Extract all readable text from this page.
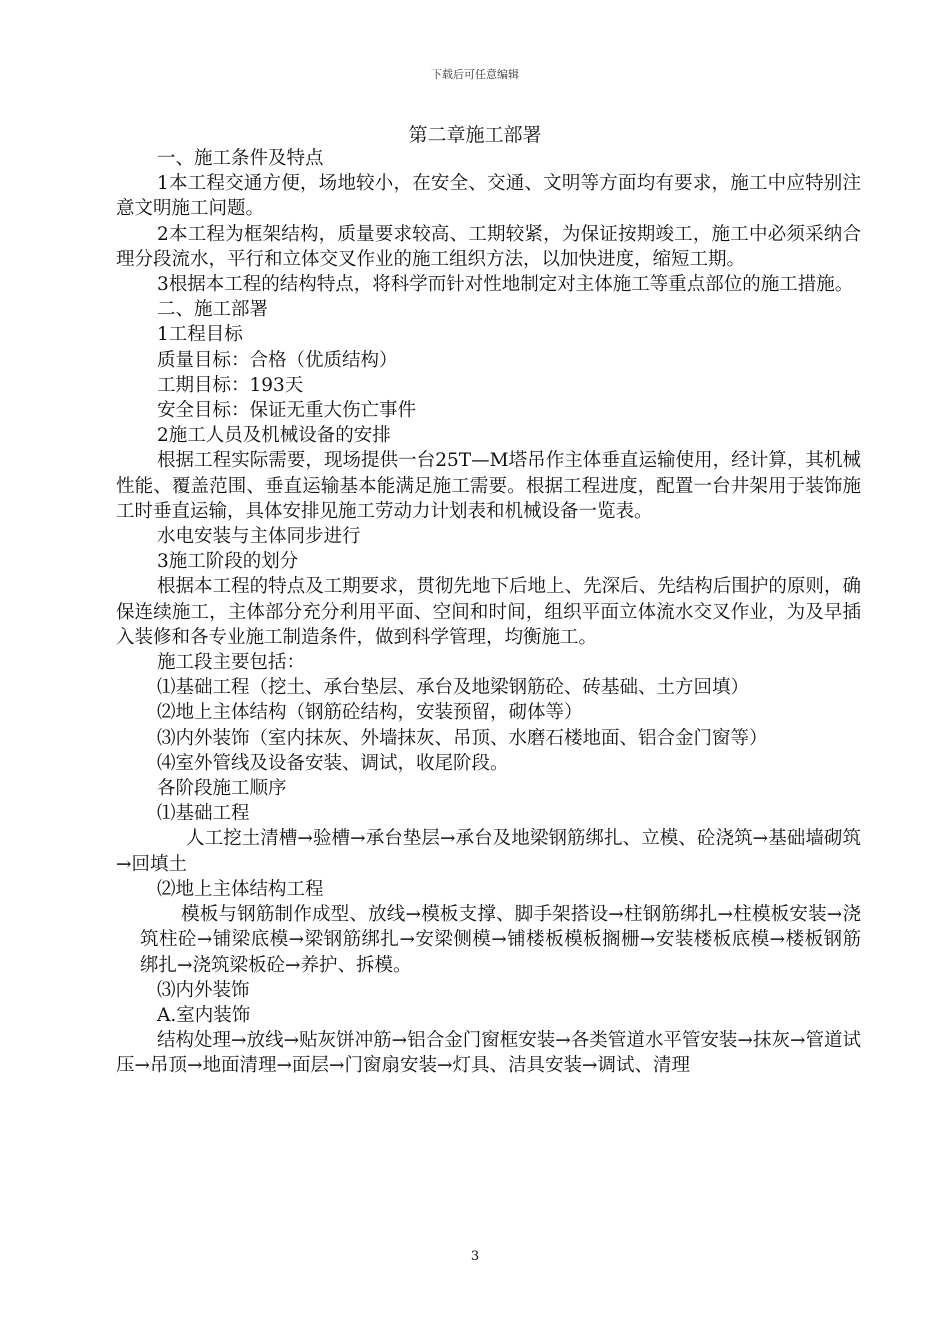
下载后可任意编辑
第二章施工部署

一、施工条件及特点

1本工程交通方便，场地较小，在安全、交通、文明等方面均有要求，施工中应特别注意文明施工问题。

2本工程为框架结构，质量要求较高、工期较紧，为保证按期竣工，施工中必须采纳合理分段流水，平行和立体交叉作业的施工组织方法，以加快进度，缩短工期。

3根据本工程的结构特点，将科学而针对性地制定对主体施工等重点部位的施工措施。

二、施工部署

1工程目标

质量目标：合格（优质结构）

工期目标：193天

安全目标：保证无重大伤亡事件

2施工人员及机械设备的安排

根据工程实际需要，现场提供一台25T—M塔吊作主体垂直运输使用，经计算，其机械性能、覆盖范围、垂直运输基本能满足施工需要。根据工程进度，配置一台井架用于装饰施工时垂直运输，具体安排见施工劳动力计划表和机械设备一览表。

水电安装与主体同步进行

3施工阶段的划分

根据本工程的特点及工期要求，贯彻先地下后地上、先深后、先结构后围护的原则，确保连续施工，主体部分充分利用平面、空间和时间，组织平面立体流水交叉作业，为及早插入装修和各专业施工制造条件，做到科学管理，均衡施工。

施工段主要包括：

⑴基础工程（挖土、承台垫层、承台及地梁钢筋砼、砖基础、土方回填）

⑵地上主体结构（钢筋砼结构，安装预留，砌体等）

⑶内外装饰（室内抹灰、外墙抹灰、吊顶、水磨石楼地面、铝合金门窗等）

⑷室外管线及设备安装、调试，收尾阶段。

各阶段施工顺序

⑴基础工程

人工挖土清槽→验槽→承台垫层→承台及地梁钢筋绑扎、立模、砼浇筑→基础墙砌筑→回填土

⑵地上主体结构工程

模板与钢筋制作成型、放线→模板支撑、脚手架搭设→柱钢筋绑扎→柱模板安装→浇筑柱砼→铺梁底模→梁钢筋绑扎→安梁侧模→铺楼板模板搁栅→安装楼板底模→楼板钢筋绑扎→浇筑梁板砼→养护、拆模。

⑶内外装饰

A.室内装饰

结构处理→放线→贴灰饼冲筋→铝合金门窗框安装→各类管道水平管安装→抹灰→管道试压→吊顶→地面清理→面层→门窗扇安装→灯具、洁具安装→调试、清理

3
